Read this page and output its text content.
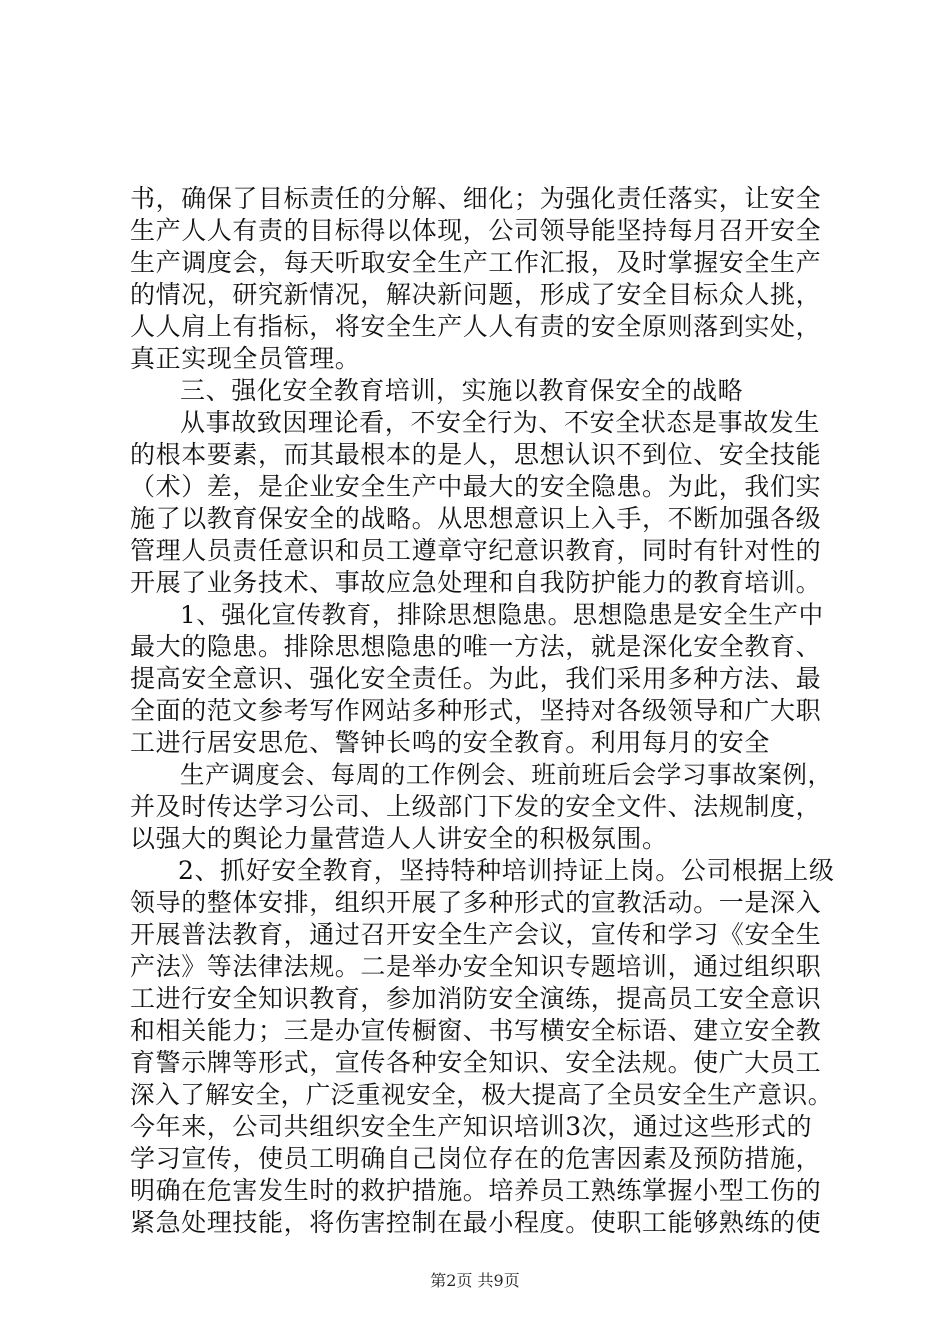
书，确保了目标责任的分解、细化；为强化责任落实，让安全
生产人人有责的目标得以体现，公司领导能坚持每月召开安全
生产调度会，每天听取安全生产工作汇报，及时掌握安全生产
的情况，研究新情况，解决新问题，形成了安全目标众人挑，
人人肩上有指标，将安全生产人人有责的安全原则落到实处，
真正实现全员管理。
三、强化安全教育培训，实施以教育保安全的战略
从事故致因理论看，不安全行为、不安全状态是事故发生
的根本要素，而其最根本的是人，思想认识不到位、安全技能
（术）差，是企业安全生产中最大的安全隐患。为此，我们实
施了以教育保安全的战略。从思想意识上入手，不断加强各级
管理人员责任意识和员工遵章守纪意识教育，同时有针对性的
开展了业务技术、事故应急处理和自我防护能力的教育培训。
1、强化宣传教育，排除思想隐患。思想隐患是安全生产中
最大的隐患。排除思想隐患的唯一方法，就是深化安全教育、
提高安全意识、强化安全责任。为此，我们采用多种方法、最
全面的范文参考写作网站多种形式，坚持对各级领导和广大职
工进行居安思危、警钟长鸣的安全教育。利用每月的安全
生产调度会、每周的工作例会、班前班后会学习事故案例，
并及时传达学习公司、上级部门下发的安全文件、法规制度，
以强大的舆论力量营造人人讲安全的积极氛围。
2、抓好安全教育，坚持特种培训持证上岗。公司根据上级
领导的整体安排，组织开展了多种形式的宣教活动。一是深入
开展普法教育，通过召开安全生产会议，宣传和学习《安全生
产法》等法律法规。二是举办安全知识专题培训，通过组织职
工进行安全知识教育，参加消防安全演练，提高员工安全意识
和相关能力；三是办宣传橱窗、书写横安全标语、建立安全教
育警示牌等形式，宣传各种安全知识、安全法规。使广大员工
深入了解安全，广泛重视安全，极大提高了全员安全生产意识。
今年来，公司共组织安全生产知识培训3次，通过这些形式的
学习宣传，使员工明确自己岗位存在的危害因素及预防措施，
明确在危害发生时的救护措施。培养员工熟练掌握小型工伤的
紧急处理技能，将伤害控制在最小程度。使职工能够熟练的使
第2页 共9页
